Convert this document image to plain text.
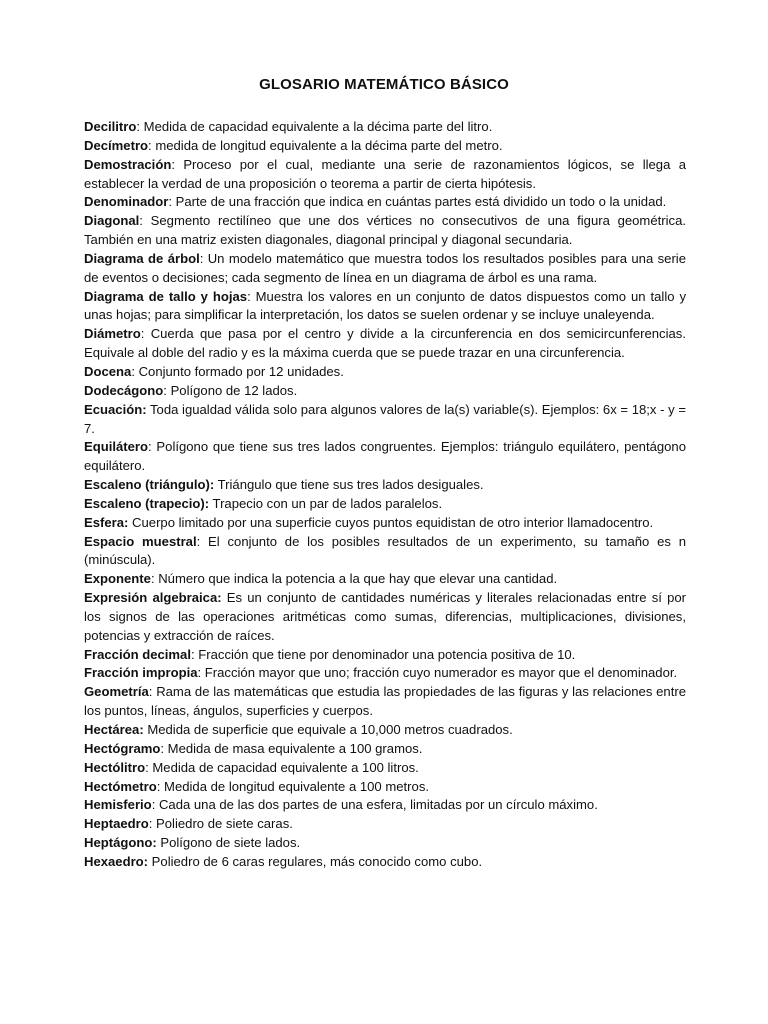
GLOSARIO MATEMÁTICO BÁSICO

Decilitro: Medida de capacidad equivalente a la décima parte del litro.

Decímetro: medida de longitud equivalente a la décima parte del metro.

Demostración: Proceso por el cual, mediante una serie de razonamientos lógicos, se llega a establecer la verdad de una proposición o teorema a partir de cierta hipótesis.

Denominador: Parte de una fracción que indica en cuántas partes está dividido un todo o la unidad.

Diagonal: Segmento rectilíneo que une dos vértices no consecutivos de una figura geométrica. También en una matriz existen diagonales, diagonal principal y diagonal secundaria.

Diagrama de árbol: Un modelo matemático que muestra todos los resultados posibles para una serie de eventos o decisiones; cada segmento de línea en un diagrama de árbol es una rama.

Diagrama de tallo y hojas: Muestra los valores en un conjunto de datos dispuestos como un tallo y unas hojas; para simplificar la interpretación, los datos se suelen ordenar y se incluye unaleyenda.

Diámetro: Cuerda que pasa por el centro y divide a la circunferencia en dos semicircunferencias. Equivale al doble del radio y es la máxima cuerda que se puede trazar en una circunferencia.

Docena: Conjunto formado por 12 unidades.

Dodecágono: Polígono de 12 lados.

Ecuación: Toda igualdad válida solo para algunos valores de la(s) variable(s). Ejemplos: 6x = 18;x - y = 7.

Equilátero: Polígono que tiene sus tres lados congruentes. Ejemplos: triángulo equilátero, pentágono equilátero.

Escaleno (triángulo): Triángulo que tiene sus tres lados desiguales.

Escaleno (trapecio): Trapecio con un par de lados paralelos.

Esfera: Cuerpo limitado por una superficie cuyos puntos equidistan de otro interior llamadocentro.

Espacio muestral: El conjunto de los posibles resultados de un experimento, su tamaño es n (minúscula).

Exponente: Número que indica la potencia a la que hay que elevar una cantidad.

Expresión algebraica: Es un conjunto de cantidades numéricas y literales relacionadas entre sí por los signos de las operaciones aritméticas como sumas, diferencias, multiplicaciones, divisiones, potencias y extracción de raíces.

Fracción decimal: Fracción que tiene por denominador una potencia positiva de 10.

Fracción impropia: Fracción mayor que uno; fracción cuyo numerador es mayor que el denominador.

Geometría: Rama de las matemáticas que estudia las propiedades de las figuras y las relaciones entre los puntos, líneas, ángulos, superficies y cuerpos.

Hectárea: Medida de superficie que equivale a 10,000 metros cuadrados.

Hectógramo: Medida de masa equivalente a 100 gramos.

Hectólitro: Medida de capacidad equivalente a 100 litros.

Hectómetro: Medida de longitud equivalente a 100 metros.

Hemisferio: Cada una de las dos partes de una esfera, limitadas por un círculo máximo.

Heptaedro: Poliedro de siete caras.

Heptágono: Polígono de siete lados.

Hexaedro: Poliedro de 6 caras regulares, más conocido como cubo.
